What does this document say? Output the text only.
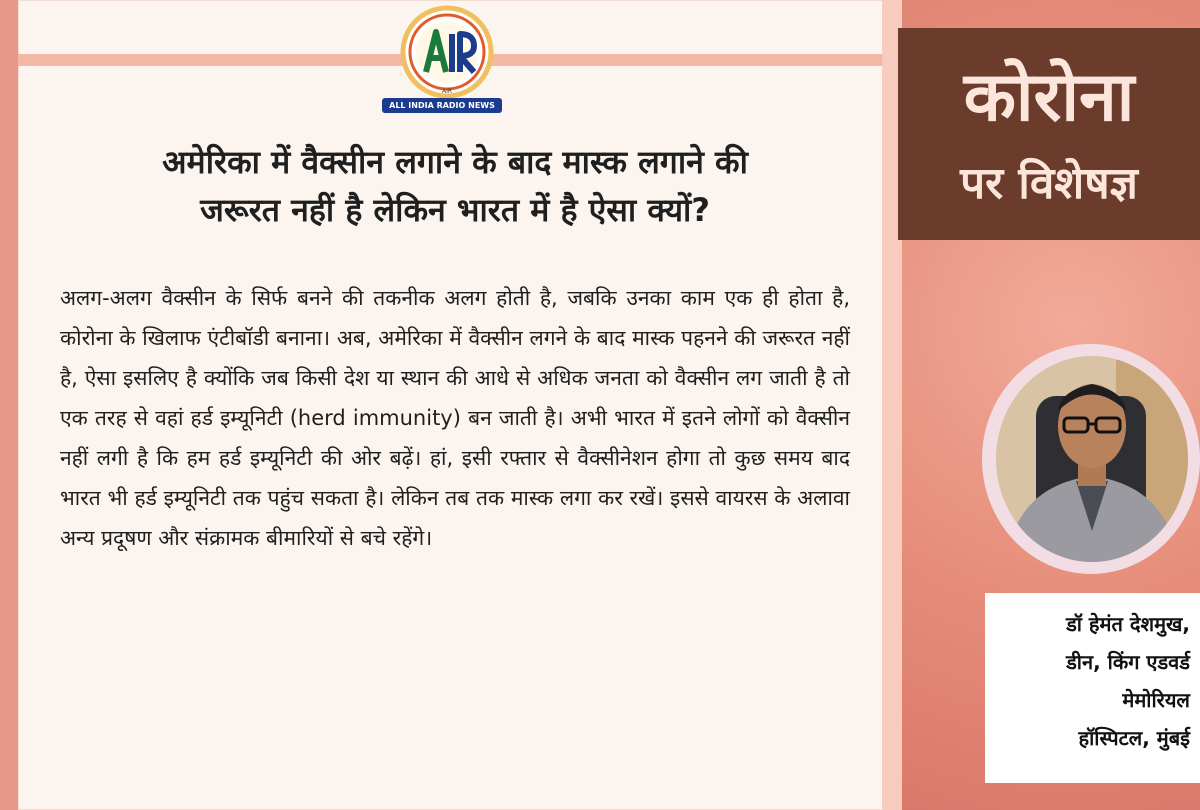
AIR
ALL INDIA RADIO NEWS
अमेरिका में वैक्सीन लगाने के बाद मास्क लगाने की
जरूरत नहीं है लेकिन भारत में है ऐसा क्यों?

अलग-अलग वैक्सीन के सिर्फ बनने की तकनीक अलग होती है, जबकि उनका काम एक ही होता है, कोरोना के खिलाफ एंटीबॉडी बनाना। अब, अमेरिका में वैक्सीन लगने के बाद मास्क पहनने की जरूरत नहीं है, ऐसा इसलिए है क्योंकि जब किसी देश या स्थान की आधे से अधिक जनता को वैक्सीन लग जाती है तो एक तरह से वहां हर्ड इम्यूनिटी (herd immunity) बन जाती है। अभी भारत में इतने लोगों को वैक्सीन नहीं लगी है कि हम हर्ड इम्यूनिटी की ओर बढ़ें। हां, इसी रफ्तार से वैक्सीनेशन होगा तो कुछ समय बाद भारत भी हर्ड इम्यूनिटी तक पहुंच सकता है। लेकिन तब तक मास्क लगा कर रखें। इससे वायरस के अलावा अन्य प्रदूषण और संक्रामक बीमारियों से बचे रहेंगे।

कोरोना
पर विशेषज्ञ
डॉ हेमंत देशमुख,
डीन, किंग एडवर्ड
मेमोरियल
हॉस्पिटल, मुंबई
